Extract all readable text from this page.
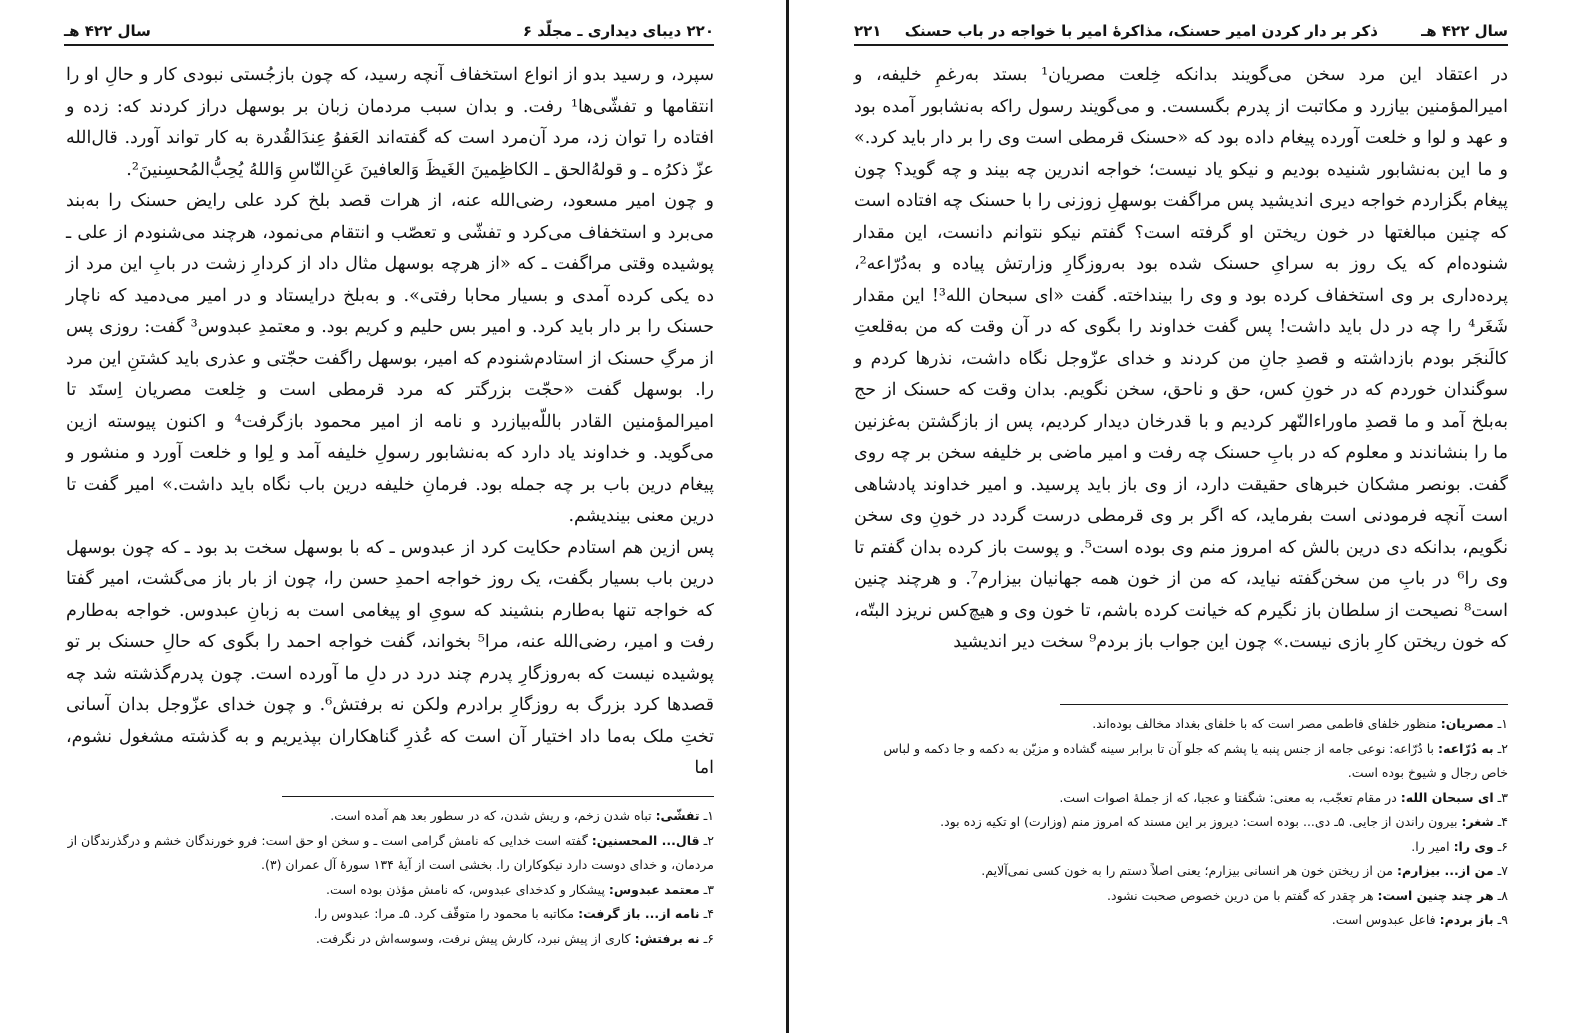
۲۲۰ دیبای دیداری ـ مجلّد ۶
سال ۴۲۲ هـ

سپرد، و رسید بدو از انواع استخفاف آنچه رسید، که چون بازجُستی نبودی کار و حالِ او را انتقامها و تفشّی‌ها¹ رفت. و بدان سبب مردمان زبان بر بوسهل دراز کردند که: زده و افتاده را توان زد، مرد آن‌مرد است که گفته‌اند العَفوُ عِندَالقُدرة به کار تواند آورد. قال‌الله عزّ ذکرُه ـ و قولهُ‌الحق ـ الکاظِمینَ الغَیظَ وَالعافینَ عَنِ‌النّاسِ وَاللهُ یُحِبُّ‌المُحسِنینَ².

و چون امیر مسعود، رضی‌الله عنه، از هرات قصد بلخ کرد علی رایض حسنک را به‌بند می‌برد و استخفاف می‌کرد و تفشّی و تعصّب و انتقام می‌نمود، هرچند می‌شنودم از علی ـ پوشیده وقتی مراگفت ـ که «از هرچه بوسهل مثال داد از کردارِ زشت در بابِ این مرد از ده یکی کرده آمدی و بسیار محابا رفتی». و به‌بلخ درایستاد و در امیر می‌دمید که ناچار حسنک را بر دار باید کرد. و امیر بس حلیم و کریم بود. و معتمدِ عبدوس³ گفت: روزی پس از مرگِ حسنک از استادم‌شنودم که امیر، بوسهل راگفت حجّتی و عذری باید کشتنِ این مرد را. بوسهل گفت «حجّت بزرگتر که مرد قرمطی است و خِلعت مصریان اِستَد تا امیرالمؤمنین القادر باللّه‌بیازرد و نامه از امیر محمود بازگرفت⁴ و اکنون پیوسته ازین می‌گوید. و خداوند یاد دارد که به‌نشابور رسولِ خلیفه آمد و لِوا و خلعت آورد و منشور و پیغام درین باب بر چه جمله بود. فرمانِ خلیفه درین باب نگاه باید داشت.» امیر گفت تا درین معنی بیندیشم.

پس ازین هم استادم حکایت کرد از عبدوس ـ که با بوسهل سخت بد بود ـ که چون بوسهل درین باب بسیار بگفت، یک روز خواجه احمدِ حسن را، چون از بار باز می‌گشت، امیر گفتا که خواجه تنها به‌طارم بنشیند که سویِ او پیغامی است به زبانِ عبدوس. خواجه به‌طارم رفت و امیر، رضی‌الله عنه، مرا⁵ بخواند، گفت خواجه احمد را بگوی که حالِ حسنک بر تو پوشیده نیست که به‌روزگارِ پدرم چند درد در دلِ ما آورده است. چون پدرم‌گذشته شد چه قصدها کرد بزرگ به روزگارِ برادرم ولکن نه برفتش⁶. و چون خدای عزّوجل بدان آسانی تختِ ملک به‌ما داد اختیار آن است که عُذرِ گناهکاران بپذیریم و به گذشته مشغول نشوم، اما

۱ـ تفشّی: تباه شدن زخم، و ریش شدن، که در سطور بعد هم آمده است.

۲ـ قال... المحسنین: گفته است خدایی که نامش گرامی است ـ و سخن او حق است: فرو خورندگان خشم و درگذرندگان از مردمان، و خدای دوست دارد نیکوکاران را. بخشی است از آیهٔ ۱۳۴ سورهٔ آل عمران (۳).

۳ـ معتمد عبدوس: پیشکار و کدخدای عبدوس، که نامش مؤذن بوده است.

۴ـ نامه از... باز گرفت: مکاتبه با محمود را متوقّف کرد. ۵ـ مرا: عبدوس را.

۶ـ نه برفتش: کاری از پیش نبرد، کارش پیش نرفت، وسوسه‌اش در نگرفت.

سال ۴۲۲ هـ
ذکر بر دار کردن امیر حسنک، مذاکرهٔ امیر با خواجه در باب حسنک ۲۲۱

در اعتقاد این مرد سخن می‌گویند بدانکه خِلعت مصریان¹ بستد به‌رغمِ خلیفه، و امیرالمؤمنین بیازرد و مکاتبت از پدرم بگسست. و می‌گویند رسول راکه به‌نشابور آمده بود و عهد و لوا و خلعت آورده پیغام داده بود که «حسنک قرمطی است وی را بر دار باید کرد.» و ما این به‌نشابور شنیده بودیم و نیکو یاد نیست؛ خواجه اندرین چه بیند و چه گوید؟ چون پیغام بگزاردم خواجه دیری اندیشید پس مراگفت بوسهلِ زوزنی را با حسنک چه افتاده است که چنین مبالغتها در خون ریختن او گرفته است؟ گفتم نیکو نتوانم دانست، این مقدار شنوده‌ام که یک روز به سرایِ حسنک شده بود به‌روزگارِ وزارتش پیاده و به‌دُرّاعه²، پرده‌داری بر وی استخفاف کرده بود و وی را بینداخته. گفت «ای سبحان الله³! این مقدار شَغَر⁴ را چه در دل باید داشت! پس گفت خداوند را بگوی که در آن وقت که من به‌قلعتِ کالَنجَر بودم بازداشته و قصدِ جانِ من کردند و خدای عزّوجل نگاه داشت، نذرها کردم و سوگندان خوردم که در خونِ کس، حق و ناحق، سخن نگویم. بدان وقت که حسنک از حج به‌بلخ آمد و ما قصدِ ماوراءالنّهر کردیم و با قدرخان دیدار کردیم، پس از بازگشتن به‌غزنین ما را بنشاندند و معلوم که در بابِ حسنک چه رفت و امیر ماضی بر خلیفه سخن بر چه روی گفت. بونصر مشکان خبرهای حقیقت دارد، از وی باز باید پرسید. و امیر خداوند پادشاهی است آنچه فرمودنی است بفرماید، که اگر بر وی قرمطی درست گردد در خونِ وی سخن نگویم، بدانکه دی درین بالش که امروز منم وی بوده است⁵. و پوست باز کرده بدان گفتم تا وی را⁶ در بابِ من سخن‌گفته نیاید، که من از خون همه جهانیان بیزارم⁷. و هرچند چنین است⁸ نصیحت از سلطان باز نگیرم که خیانت کرده باشم، تا خون وی و هیچ‌کس نریزد البتّه، که خون ریختن کارِ بازی نیست.» چون این جواب باز بردم⁹ سخت دیر اندیشید

۱ـ مصریان: منظور خلفای فاطمی مصر است که با خلفای بغداد مخالف بوده‌اند.

۲ـ به دُرّاعه: با دُرّاعه: نوعی جامه از جنس پنبه یا پشم که جلو آن تا برابر سینه گشاده و مزیّن به دکمه و جا دکمه و لباس خاص رجال و شیوخ بوده است.

۳ـ ای سبحان الله: در مقام تعجّب، به معنی: شگفتا و عجبا، که از جملهٔ اصوات است.

۴ـ شغر: بیرون راندن از جایی. ۵ـ دی... بوده است: دیروز بر این مسند که امروز منم (وزارت) او تکیه زده بود.

۶ـ وی را: امیر را.

۷ـ من از... بیزارم: من از ریختن خون هر انسانی بیزارم؛ یعنی اصلاً دستم را به خون کسی نمی‌آلایم.

۸ـ هر چند چنین است: هر چقدر که گفتم با من درین خصوص صحبت نشود.

۹ـ باز بردم: فاعل عبدوس است.
